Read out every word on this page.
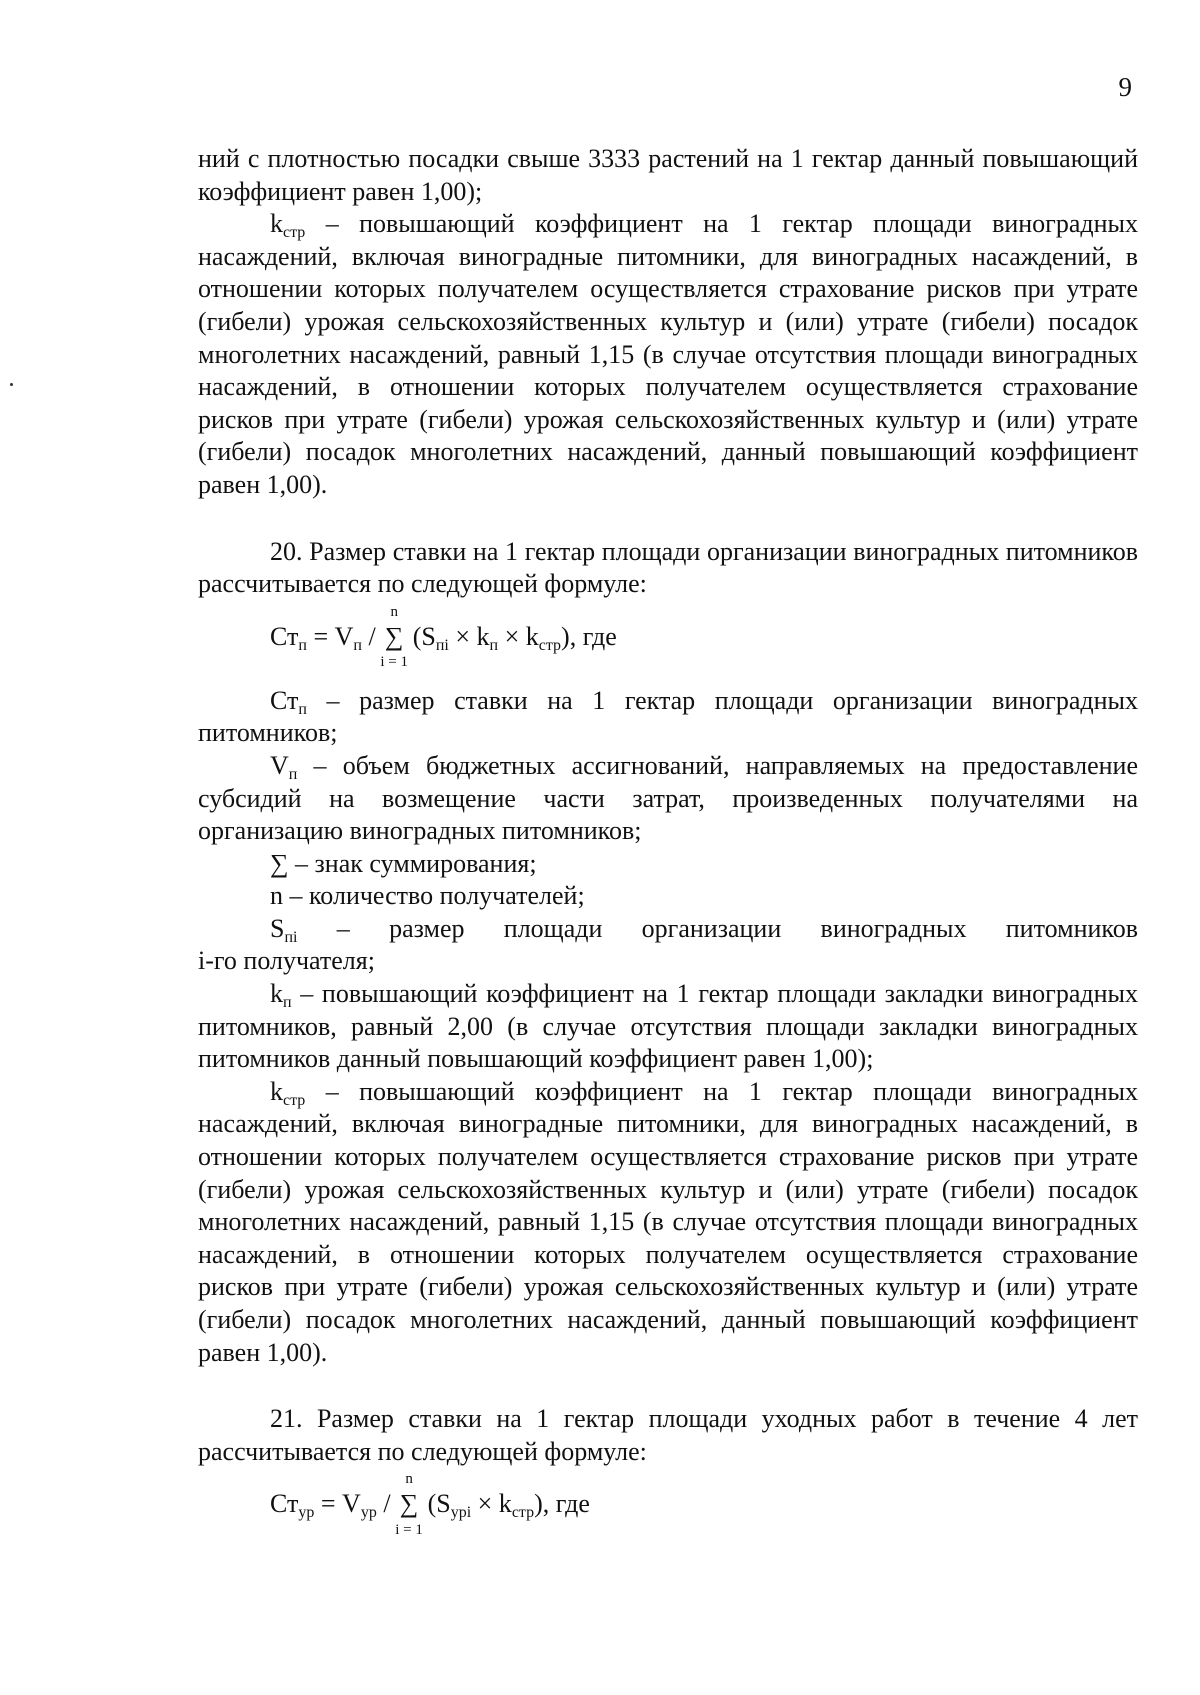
9

ний с плотностью посадки свыше 3333 растений на 1 гектар данный повышающий коэффициент равен 1,00);

$k_{стр}$ – повышающий коэффициент на 1 гектар площади виноградных насаждений, включая виноградные питомники, для виноградных насаждений, в отношении которых получателем осуществляется страхование рисков при утрате (гибели) урожая сельскохозяйственных культур и (или) утрате (гибели) посадок многолетних насаждений, равный 1,15 (в случае отсутствия площади виноградных насаждений, в отношении которых получателем осуществляется страхование рисков при утрате (гибели) урожая сельскохозяйственных культур и (или) утрате (гибели) посадок многолетних насаждений, данный повышающий коэффициент равен 1,00).

20. Размер ставки на 1 гектар площади организации виноградных питомников рассчитывается по следующей формуле:

$Ст_п = V_п$ /
n
∑
i = 1
$(S_{пi} \times k_п \times k_{стр})$, где

$Ст_п$ – размер ставки на 1 гектар площади организации виноградных питомников;

$V_п$ – объем бюджетных ассигнований, направляемых на предоставление субсидий на возмещение части затрат, произведенных получателями на организацию виноградных питомников;

∑ – знак суммирования;

n – количество получателей;

$S_{пi}$ – размер площади организации виноградных питомников

i-го получателя;

$k_п$ – повышающий коэффициент на 1 гектар площади закладки виноградных питомников, равный 2,00 (в случае отсутствия площади закладки виноградных питомников данный повышающий коэффициент равен 1,00);

$k_{стр}$ – повышающий коэффициент на 1 гектар площади виноградных насаждений, включая виноградные питомники, для виноградных насаждений, в отношении которых получателем осуществляется страхование рисков при утрате (гибели) урожая сельскохозяйственных культур и (или) утрате (гибели) посадок многолетних насаждений, равный 1,15 (в случае отсутствия площади виноградных насаждений, в отношении которых получателем осуществляется страхование рисков при утрате (гибели) урожая сельскохозяйственных культур и (или) утрате (гибели) посадок многолетних насаждений, данный повышающий коэффициент равен 1,00).

21. Размер ставки на 1 гектар площади уходных работ в течение 4 лет рассчитывается по следующей формуле:

$Ст_{ур} = V_{ур}$ /
n
∑
i = 1
$(S_{урi} \times k_{стр})$, где
